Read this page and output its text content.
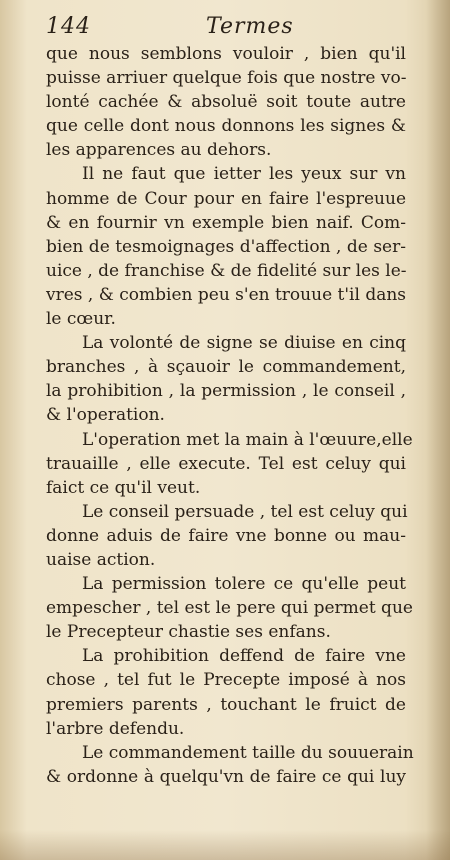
144	Termes
que nous semblons vouloir , bien qu'il
puisse arriuer quelque fois que nostre vo-
lonté cachée & absoluë soit toute autre
que celle dont nous donnons les signes &
les apparences au dehors.
Il ne faut que ietter les yeux sur vn
homme de Cour pour en faire l'espreuue
& en fournir vn exemple bien naif. Com-
bien de tesmoignages d'affection , de ser-
uice , de franchise & de fidelité sur les le-
vres , & combien peu s'en trouue t'il dans
le cœur.
La volonté de signe se diuise en cinq
branches , à sçauoir le commandement,
la prohibition , la permission , le conseil ,
& l'operation.
L'operation met la main à l'œuure,elle
trauaille , elle execute. Tel est celuy qui
faict ce qu'il veut.
Le conseil persuade , tel est celuy qui
donne aduis de faire vne bonne ou mau-
uaise action.
La permission tolere ce qu'elle peut
empescher , tel est le pere qui permet que
le Precepteur chastie ses enfans.
La prohibition deffend de faire vne
chose , tel fut le Precepte imposé à nos
premiers parents , touchant le fruict de
l'arbre defendu.
Le commandement taille du souuerain
& ordonne à quelqu'vn de faire ce qui luy
